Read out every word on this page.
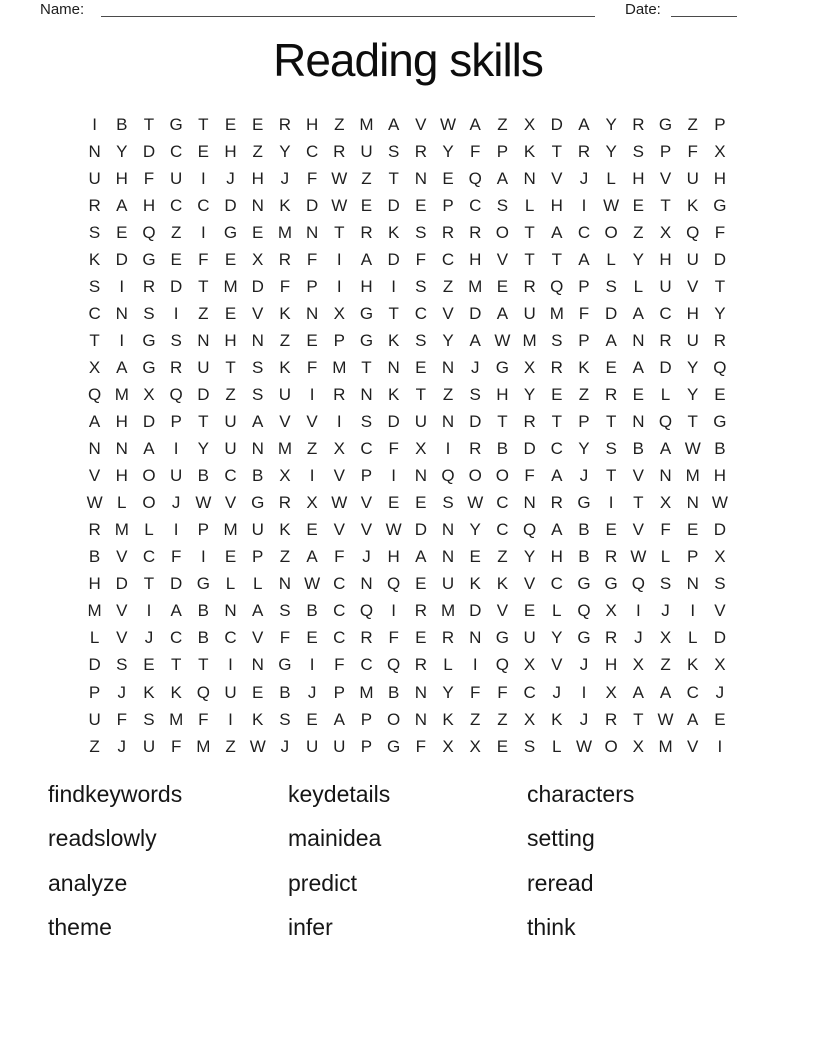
Name:	Date:
Reading skills
I	B T G T E E R H Z M A V W A Z X D A Y R G Z P
N Y D C E H Z Y C R U S R Y F P K T R Y S P F X
U H F U	I	J H J	F W Z T N E Q A N V	J	L H V U H
R A H C C D N K D W E D E P C S L H	I W E T K G
S E Q Z	I	G E M N T R K S R R O T A C O Z X Q F
K D G E F E X R F	I	A D F C H V T T A L Y H U D
S	I	R D T M D F P	I	H	I	S Z M E R Q P S L U V T
C N S	I	Z E V K N X G T C V D A U M F D A C H Y
T	I	G S N H N Z E P G K S Y A W M S P A N R U R
X A G R U T S K F M T N E N J G X R K E A D Y Q
Q M X Q D Z S U	I	R N K T Z S H Y E Z R E L Y E
A H D P T U A V V	I	S D U N D T R T P T N Q T G
N N A	I	Y U N M Z X C F X	I	R B D C Y S B A W B
V H O U B C B X	I	V P	I	N Q O O F A	J	T V N M H
W L O J W V G R X W V E E S W C N R G	I	T X N W
R M L	I	P M U K E V V W D N Y C Q A B E V F E D
B V C F	I	E P Z A F	J H A N E Z Y H B R W L P X
H D T D G L	L N W C N Q E U K K V C G G Q S N S
M V	I	A B N A S B C Q	I	R M D V E L Q X	I	J	I	V
L V	J C B C V F E C R F E R N G U Y G R J	X L D
D S E T T	I	N G	I	F C Q R L	I	Q X V	J H X Z K X
P	J	K K Q U E B	J	P M B N Y F F C J	I	X A A C J
U F S M F	I	K S E A P O N K Z Z X K	J R T W A E
Z	J U F M Z W J U U P G F X X E S L W O X M V	I
findkeywords
readslowly
analyze
theme
keydetails
mainidea
predict
infer
characters
setting
reread
think
